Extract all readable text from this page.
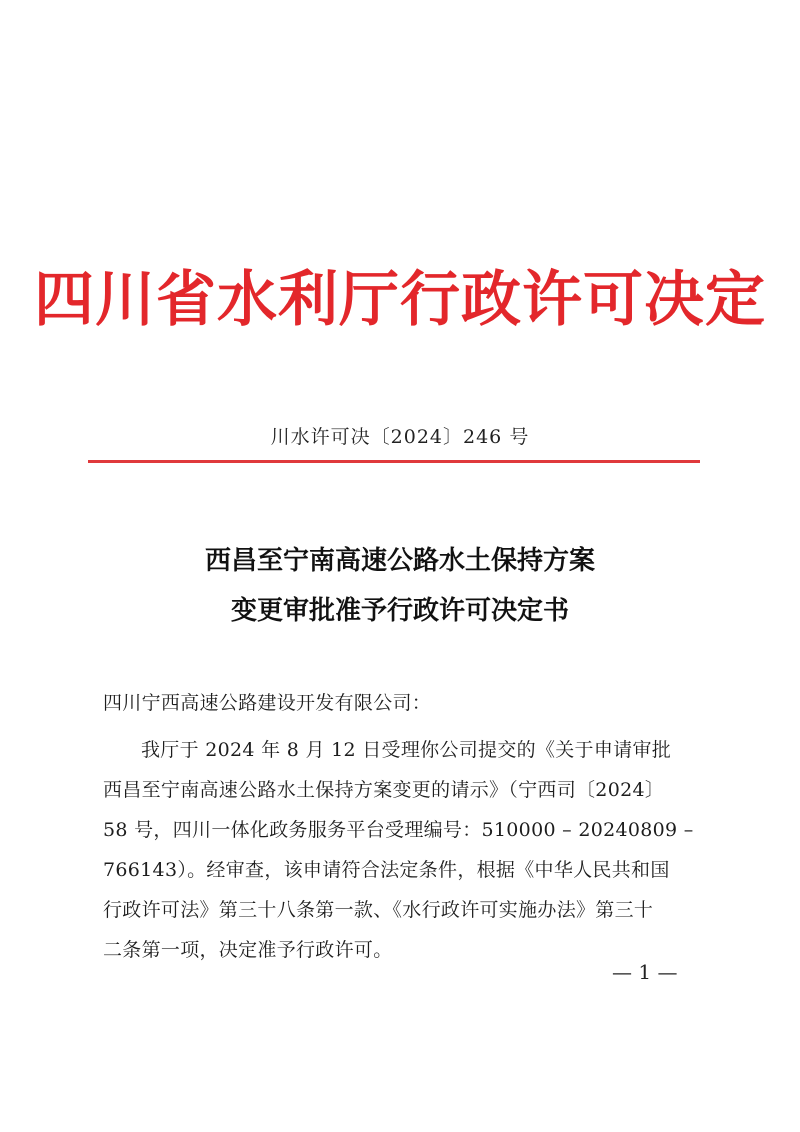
四川省水利厅行政许可决定
川水许可决〔2024〕246 号
西昌至宁南高速公路水土保持方案
变更审批准予行政许可决定书
四川宁西高速公路建设开发有限公司：
我厅于 2024 年 8 月 12 日受理你公司提交的《关于申请审批
西昌至宁南高速公路水土保持方案变更的请示》（宁西司〔2024〕
58 号，四川一体化政务服务平台受理编号：510000 – 20240809 –
766143）。经审查，该申请符合法定条件，根据《中华人民共和国
行政许可法》第三十八条第一款、《水行政许可实施办法》第三十
二条第一项，决定准予行政许可。
— 1 —
